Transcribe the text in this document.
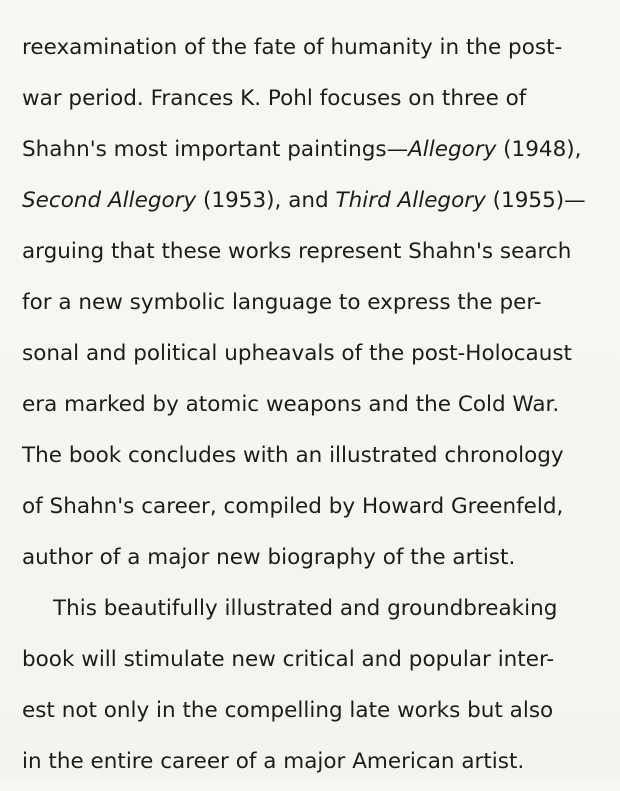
reexamination of the fate of humanity in the post-
war period. Frances K. Pohl focuses on three of
Shahn's most important paintings—Allegory (1948),
Second Allegory (1953), and Third Allegory (1955)—
arguing that these works represent Shahn's search
for a new symbolic language to express the per-
sonal and political upheavals of the post-Holocaust
era marked by atomic weapons and the Cold War.
The book concludes with an illustrated chronology
of Shahn's career, compiled by Howard Greenfeld,
author of a major new biography of the artist.
This beautifully illustrated and groundbreaking
book will stimulate new critical and popular inter-
est not only in the compelling late works but also
in the entire career of a major American artist.
